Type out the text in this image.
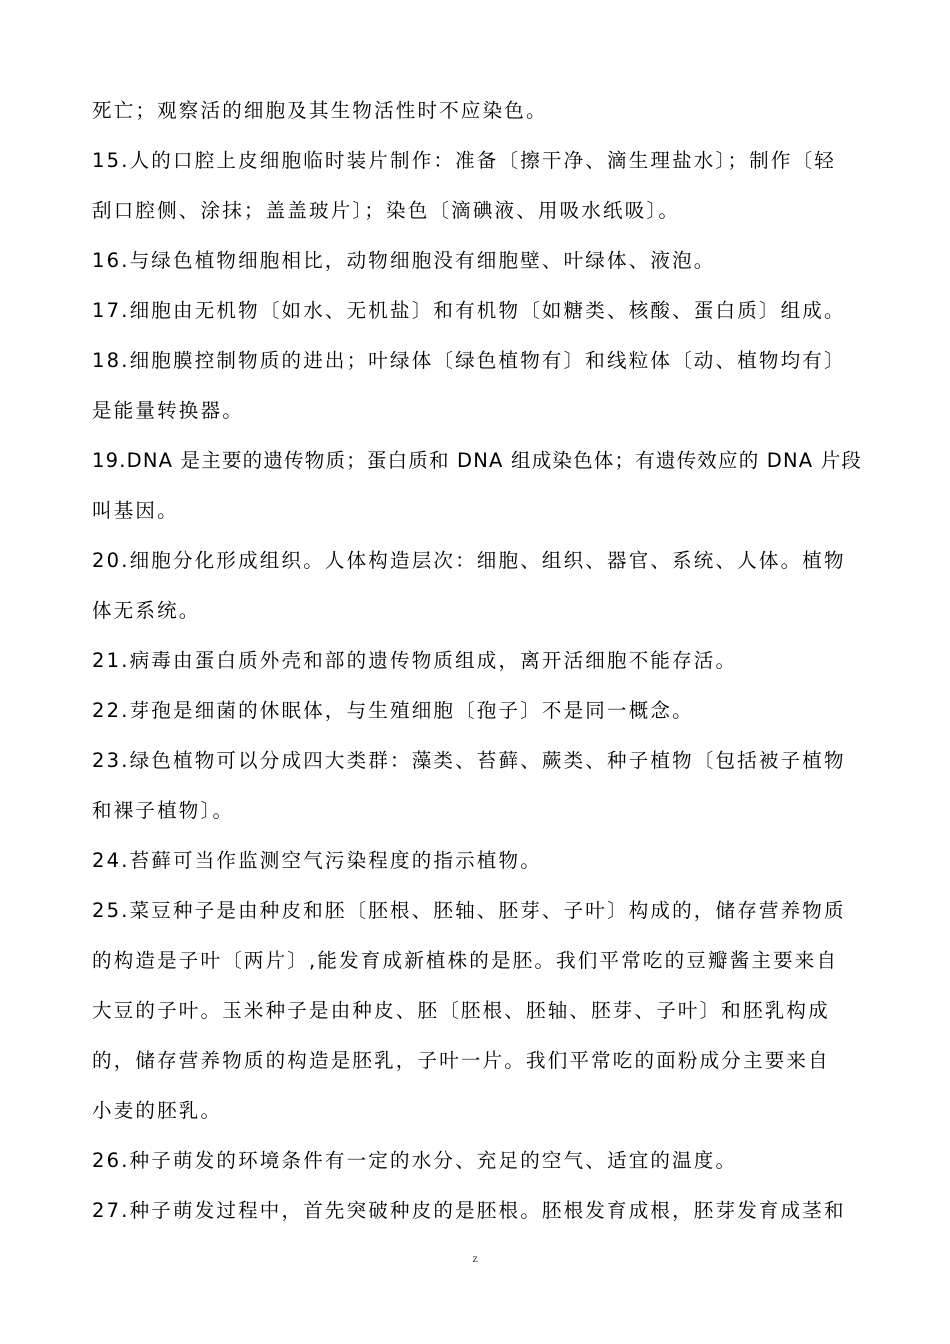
死亡；观察活的细胞及其生物活性时不应染色。
15.人的口腔上皮细胞临时装片制作：准备〔擦干净、滴生理盐水〕；制作〔轻
刮口腔侧、涂抹；盖盖玻片〕；染色〔滴碘液、用吸水纸吸〕。
16.与绿色植物细胞相比，动物细胞没有细胞壁、叶绿体、液泡。
17.细胞由无机物〔如水、无机盐〕和有机物〔如糖类、核酸、蛋白质〕组成。
18.细胞膜控制物质的进出；叶绿体〔绿色植物有〕和线粒体〔动、植物均有〕
是能量转换器。
19.DNA 是主要的遗传物质；蛋白质和 DNA 组成染色体；有遗传效应的 DNA 片段
叫基因。
20.细胞分化形成组织。人体构造层次：细胞、组织、器官、系统、人体。植物
体无系统。
21.病毒由蛋白质外壳和部的遗传物质组成，离开活细胞不能存活。
22.芽孢是细菌的休眠体，与生殖细胞〔孢子〕不是同一概念。
23.绿色植物可以分成四大类群：藻类、苔藓、蕨类、种子植物〔包括被子植物
和裸子植物〕。
24.苔藓可当作监测空气污染程度的指示植物。
25.菜豆种子是由种皮和胚〔胚根、胚轴、胚芽、子叶〕构成的，储存营养物质
的构造是子叶〔两片〕,能发育成新植株的是胚。我们平常吃的豆瓣酱主要来自
大豆的子叶。玉米种子是由种皮、胚〔胚根、胚轴、胚芽、子叶〕和胚乳构成
的，储存营养物质的构造是胚乳，子叶一片。我们平常吃的面粉成分主要来自
小麦的胚乳。
26.种子萌发的环境条件有一定的水分、充足的空气、适宜的温度。
27.种子萌发过程中，首先突破种皮的是胚根。胚根发育成根，胚芽发育成茎和
z
